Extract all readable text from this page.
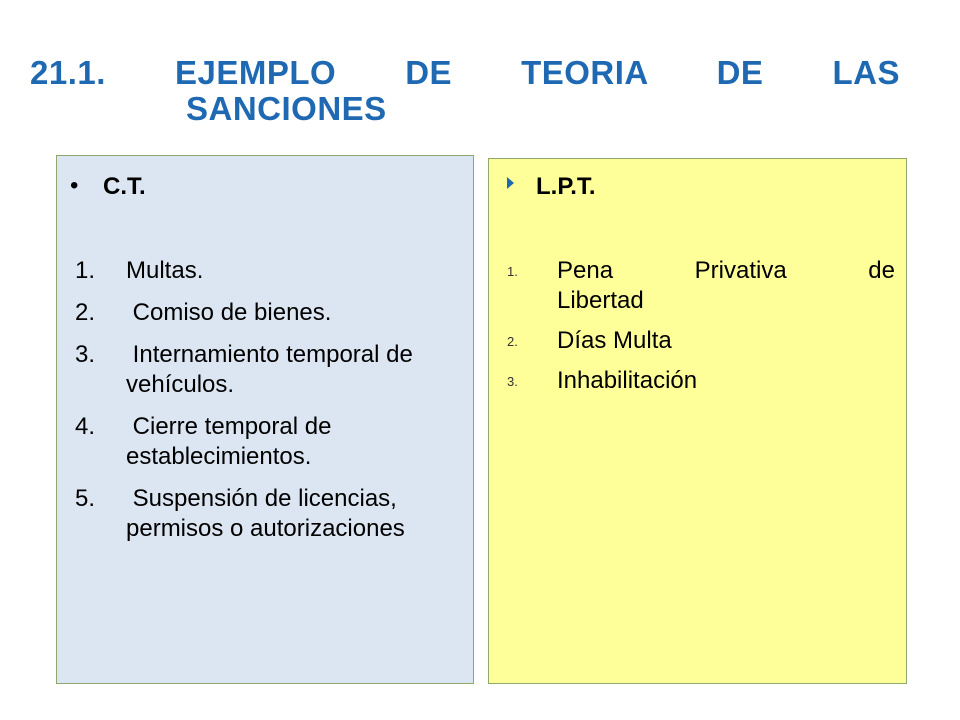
21.1. EJEMPLO DE TEORIA DE LAS
SANCIONES
• C.T.	L.P.T.
1. Multas.
2. Comiso de bienes.
3. Internamiento temporal de vehículos.
4. Cierre temporal de establecimientos.
5. Suspensión de licencias, permisos o autorizaciones
1. Pena Privativa de
Libertad
2. Días Multa
3. Inhabilitación
